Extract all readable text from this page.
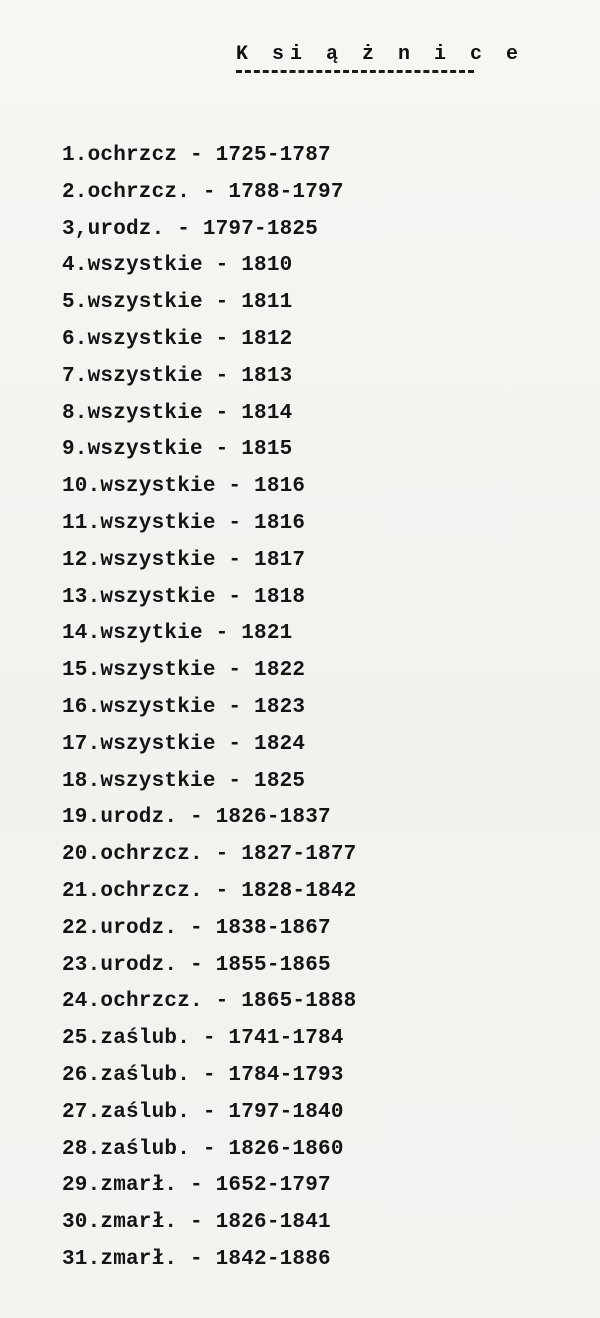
K si ą ż n i c e
1.ochrzcz - 1725-1787
2.ochrzcz. - 1788-1797
3,urodz. - 1797-1825
4.wszystkie - 1810
5.wszystkie - 1811
6.wszystkie - 1812
7.wszystkie - 1813
8.wszystkie - 1814
9.wszystkie - 1815
10.wszystkie - 1816
11.wszystkie - 1816
12.wszystkie - 1817
13.wszystkie - 1818
14.wszytkie - 1821
15.wszystkie - 1822
16.wszystkie - 1823
17.wszystkie - 1824
18.wszystkie - 1825
19.urodz. - 1826-1837
20.ochrzcz. - 1827-1877
21.ochrzcz. - 1828-1842
22.urodz. - 1838-1867
23.urodz. - 1855-1865
24.ochrzcz. - 1865-1888
25.zaślub. - 1741-1784
26.zaślub. - 1784-1793
27.zaślub. - 1797-1840
28.zaślub. - 1826-1860
29.zmarł. - 1652-1797
30.zmarł. - 1826-1841
31.zmarł. - 1842-1886
